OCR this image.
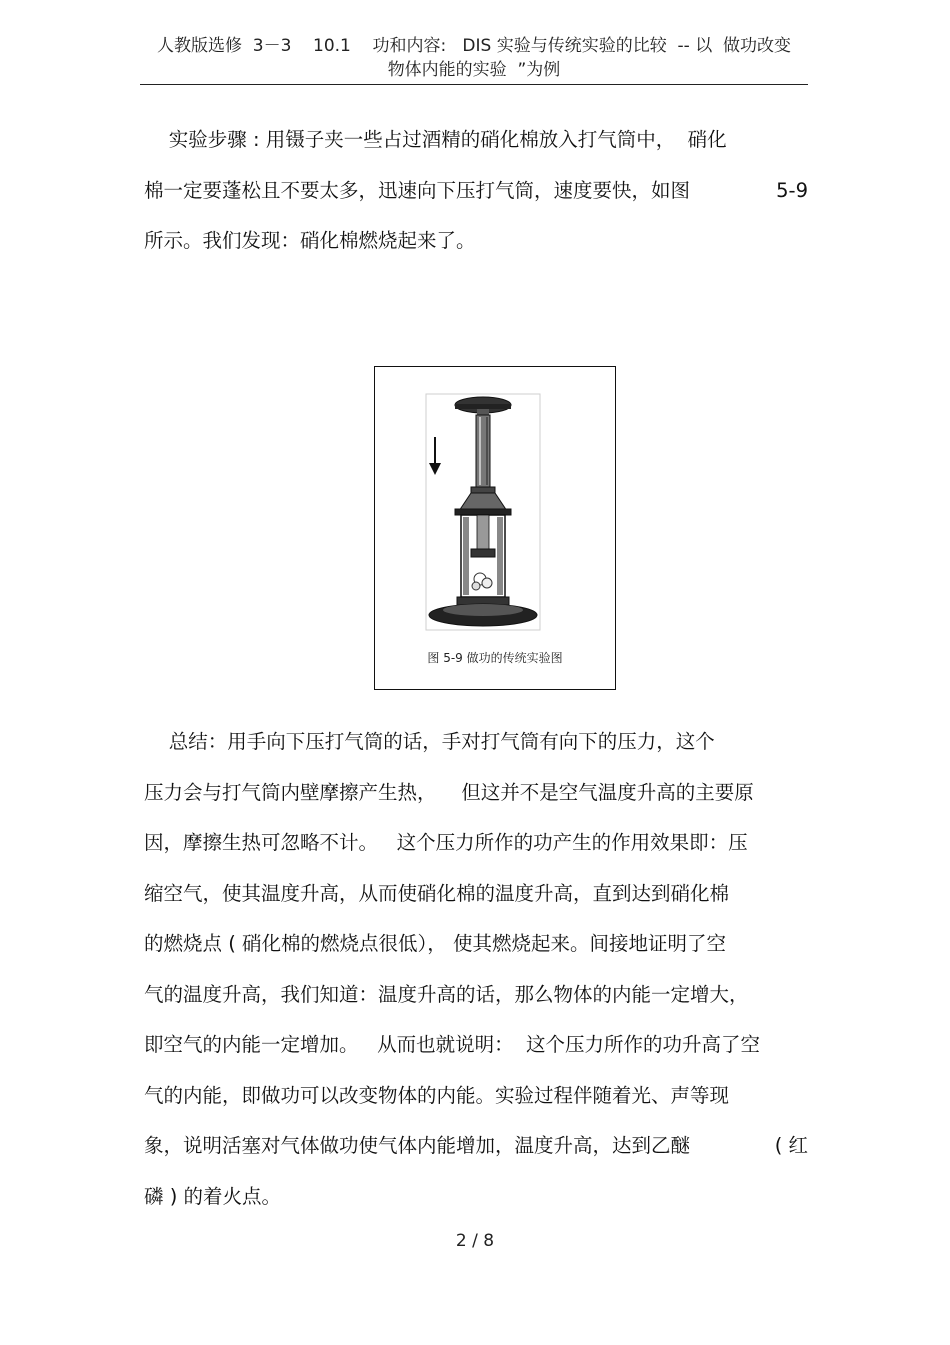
人教版选修  3－3    10.1    功和内容:   DIS 实验与传统实验的比较  -- 以  做功改变
物体内能的实验  ”为例
实验步骤 : 用镊子夹一些占过酒精的硝化棉放入打气筒中，  硝化
棉一定要蓬松且不要太多，迅速向下压打气筒，速度要快，如图	5-9
所示。我们发现：硝化棉燃烧起来了。
图 5-9 做功的传统实验图
总结：用手向下压打气筒的话，手对打气筒有向下的压力，这个
压力会与打气筒内壁摩擦产生热，    但这并不是空气温度升高的主要原
因，摩擦生热可忽略不计。   这个压力所作的功产生的作用效果即：压
缩空气，使其温度升高，从而使硝化棉的温度升高，直到达到硝化棉
的燃烧点 ( 硝化棉的燃烧点很低）， 使其燃烧起来。间接地证明了空
气的温度升高，我们知道：温度升高的话，那么物体的内能一定增大，
即空气的内能一定增加。   从而也就说明：  这个压力所作的功升高了空
气的内能，即做功可以改变物体的内能。实验过程伴随着光、声等现
象，说明活塞对气体做功使气体内能增加，温度升高，达到乙醚	( 红
磷 ) 的着火点。
2 / 8
